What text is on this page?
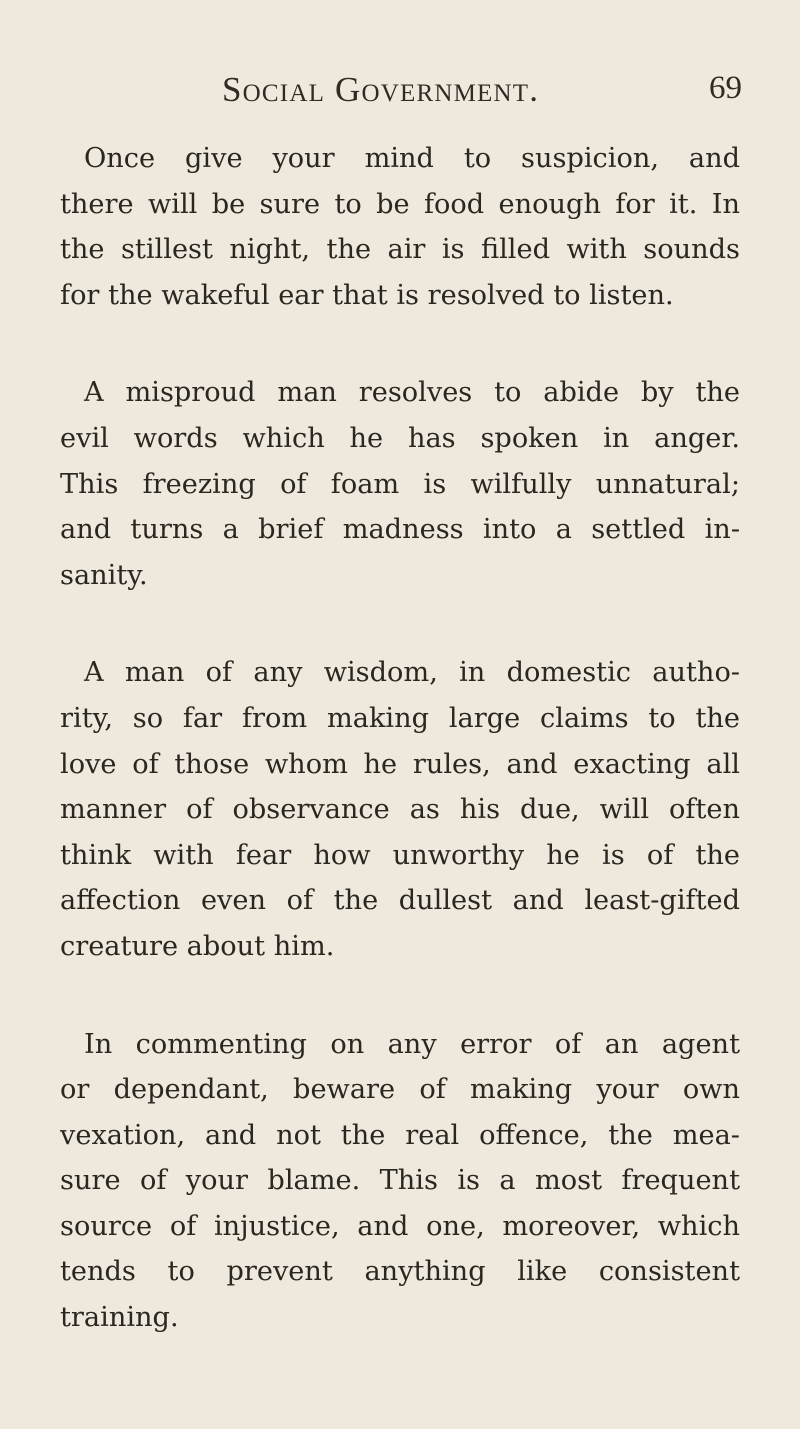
Social Government.	69

Once give your mind to suspicion, and
there will be sure to be food enough for it. In
the stillest night, the air is filled with sounds
for the wakeful ear that is resolved to listen.

A misproud man resolves to abide by the
evil words which he has spoken in anger.
This freezing of foam is wilfully unnatural;
and turns a brief madness into a settled in-
sanity.

A man of any wisdom, in domestic autho-
rity, so far from making large claims to the
love of those whom he rules, and exacting all
manner of observance as his due, will often
think with fear how unworthy he is of the
affection even of the dullest and least-gifted
creature about him.

In commenting on any error of an agent
or dependant, beware of making your own
vexation, and not the real offence, the mea-
sure of your blame. This is a most frequent
source of injustice, and one, moreover, which
tends to prevent anything like consistent
training.
